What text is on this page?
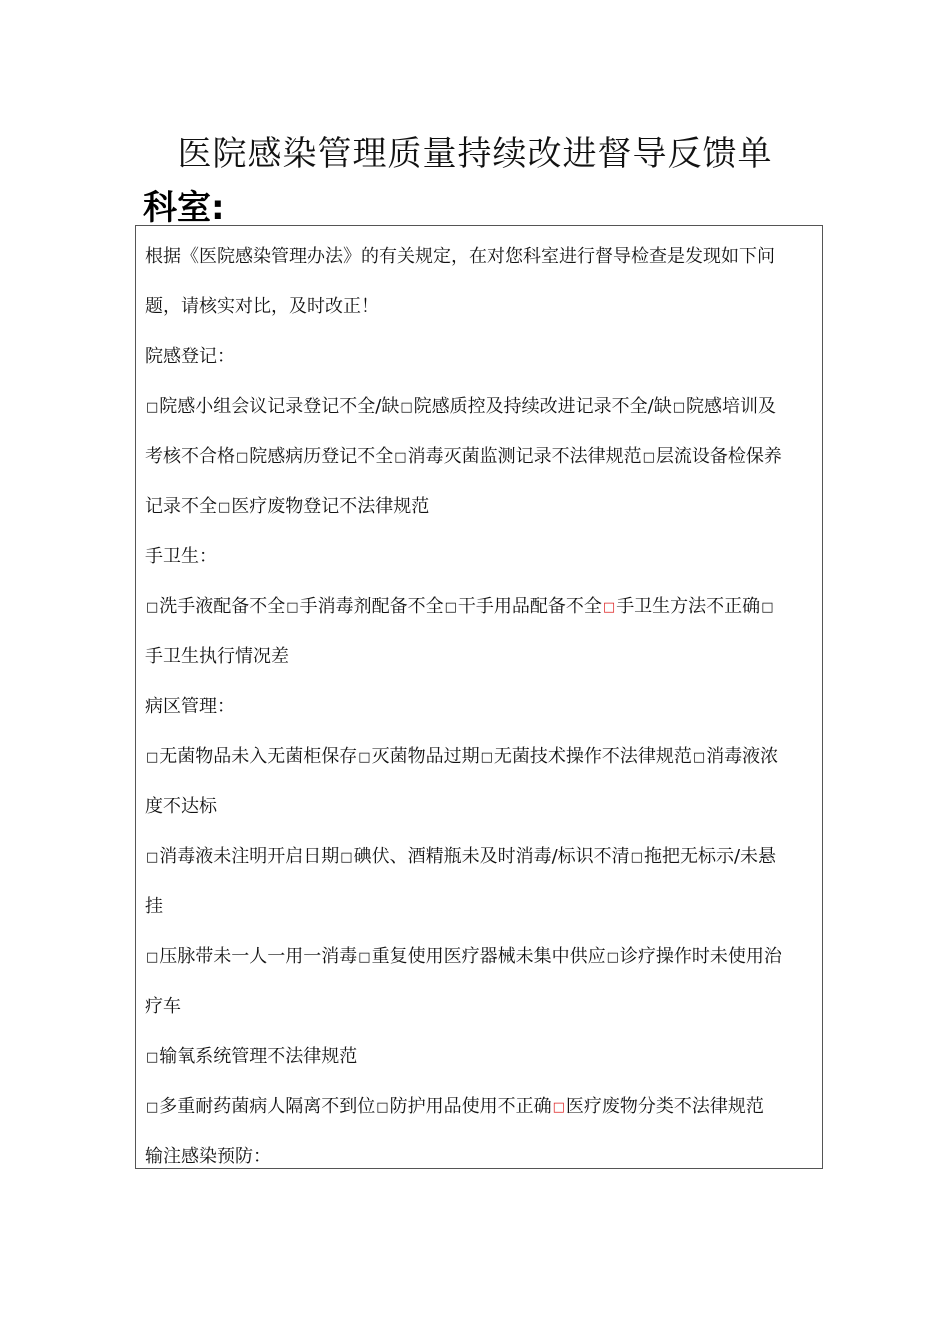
医院感染管理质量持续改进督导反馈单
科室:
根据《医院感染管理办法》的有关规定，在对您科室进行督导检查是发现如下问
题，请核实对比，及时改正！
院感登记：
□院感小组会议记录登记不全/缺□院感质控及持续改进记录不全/缺□院感培训及
考核不合格□院感病历登记不全□消毒灭菌监测记录不法律规范□层流设备检保养
记录不全□医疗废物登记不法律规范
手卫生：
□洗手液配备不全□手消毒剂配备不全□干手用品配备不全□手卫生方法不正确□
手卫生执行情况差
病区管理：
□无菌物品未入无菌柜保存□灭菌物品过期□无菌技术操作不法律规范□消毒液浓
度不达标
□消毒液未注明开启日期□碘伏、酒精瓶未及时消毒/标识不清□拖把无标示/未悬
挂
□压脉带未一人一用一消毒□重复使用医疗器械未集中供应□诊疗操作时未使用治
疗车
□输氧系统管理不法律规范
□多重耐药菌病人隔离不到位□防护用品使用不正确□医疗废物分类不法律规范
输注感染预防：
